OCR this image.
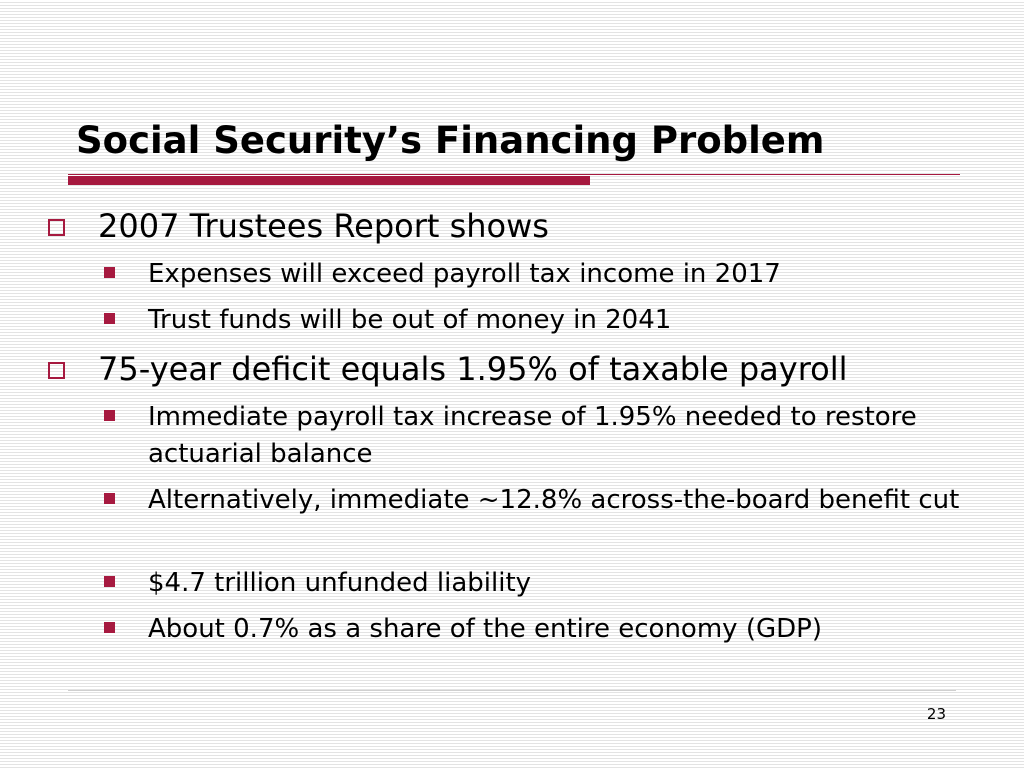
Social Security’s Financing Problem
2007 Trustees Report shows
Expenses will exceed payroll tax income in 2017
Trust funds will be out of money in 2041
75-year deficit equals 1.95% of taxable payroll
Immediate payroll tax increase of 1.95% needed to restore actuarial balance
Alternatively, immediate ~12.8% across-the-board benefit cut
$4.7 trillion unfunded liability
About 0.7% as a share of the entire economy (GDP)
23
